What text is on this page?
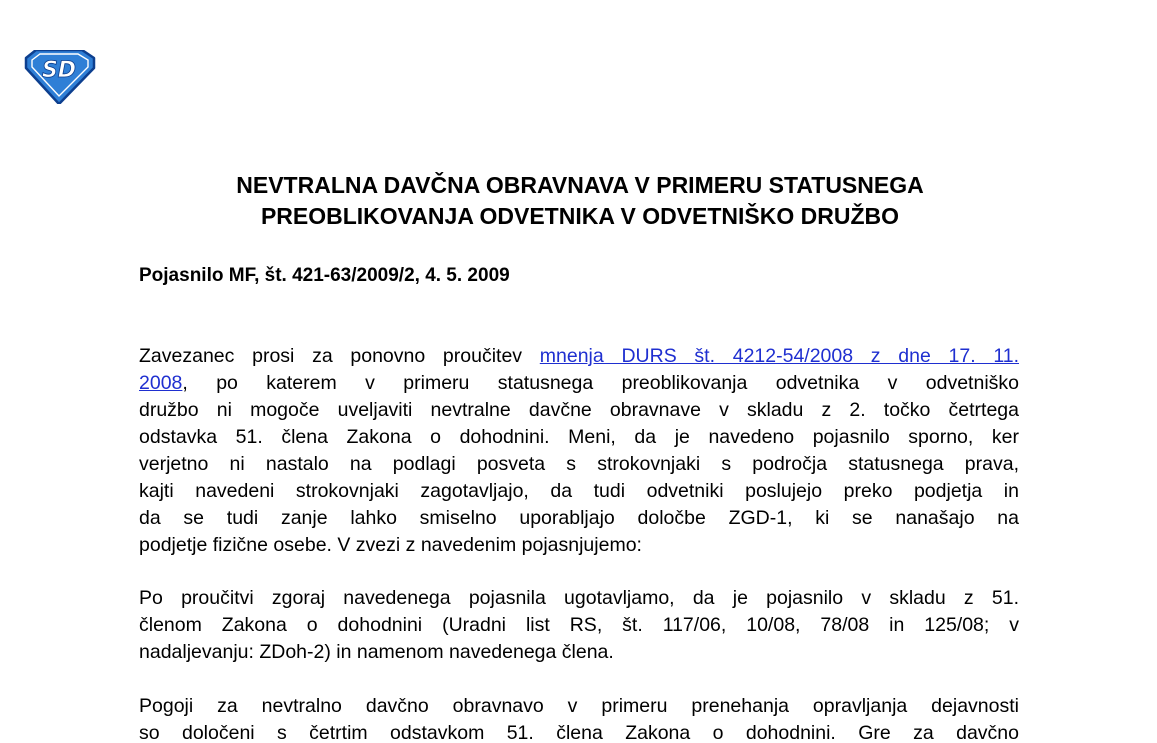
SD
NEVTRALNA DAVČNA OBRAVNAVA V PRIMERU STATUSNEGA
PREOBLIKOVANJA ODVETNIKA V ODVETNIŠKO DRUŽBO
Pojasnilo MF, št. 421-63/2009/2, 4. 5. 2009
Zavezanec prosi za ponovno proučitev mnenja DURS št. 4212-54/2008 z dne 17. 11.
2008, po katerem v primeru statusnega preoblikovanja odvetnika v odvetniško
družbo ni mogoče uveljaviti nevtralne davčne obravnave v skladu z 2. točko četrtega
odstavka 51. člena Zakona o dohodnini. Meni, da je navedeno pojasnilo sporno, ker
verjetno ni nastalo na podlagi posveta s strokovnjaki s področja statusnega prava,
kajti navedeni strokovnjaki zagotavljajo, da tudi odvetniki poslujejo preko podjetja in
da se tudi zanje lahko smiselno uporabljajo določbe ZGD-1, ki se nanašajo na
podjetje fizične osebe. V zvezi z navedenim pojasnjujemo:
Po proučitvi zgoraj navedenega pojasnila ugotavljamo, da je pojasnilo v skladu z 51.
členom Zakona o dohodnini (Uradni list RS, št. 117/06, 10/08, 78/08 in 125/08; v
nadaljevanju: ZDoh-2) in namenom navedenega člena.
Pogoji za nevtralno davčno obravnavo v primeru prenehanja opravljanja dejavnosti
so določeni s četrtim odstavkom 51. člena Zakona o dohodnini. Gre za davčno
